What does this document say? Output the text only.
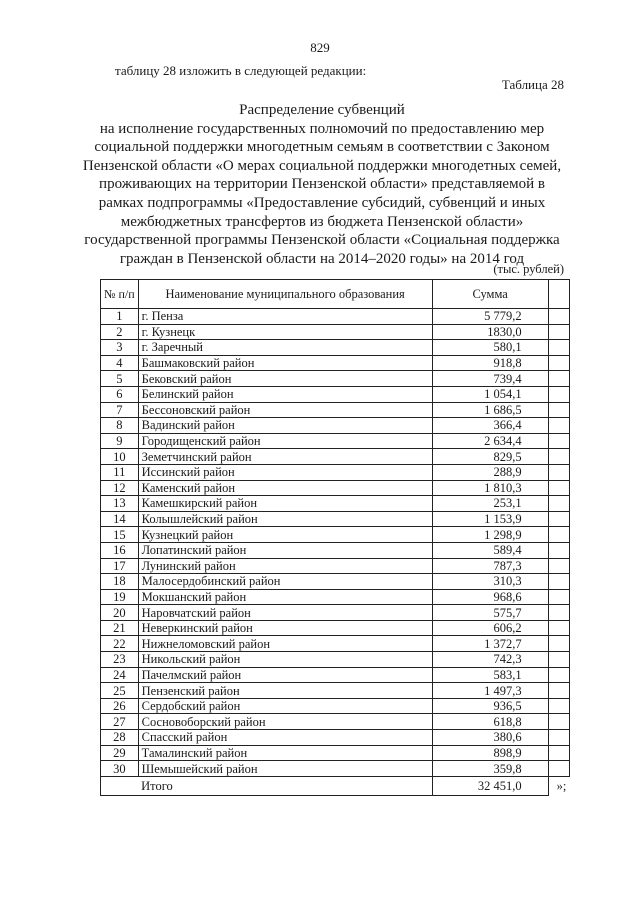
829
таблицу 28 изложить в следующей редакции:
Таблица 28
Распределение субвенций
на исполнение государственных полномочий по предоставлению мер
социальной поддержки многодетным семьям в соответствии с Законом
Пензенской области «О мерах социальной поддержки многодетных семей,
проживающих на территории Пензенской области» представляемой в
рамках подпрограммы «Предоставление субсидий, субвенций и иных
межбюджетных трансфертов из бюджета Пензенской области»
государственной программы Пензенской области «Социальная поддержка
граждан в Пензенской области на 2014–2020 годы» на 2014 год
(тыс. рублей)
№ п/п	Наименование муниципального образования	Сумма	
1	г. Пенза	5 779,2	
2	г. Кузнецк	1830,0	
3	г. Заречный	580,1	
4	Башмаковский район	918,8	
5	Бековский район	739,4	
6	Белинский район	1 054,1	
7	Бессоновский район	1 686,5	
8	Вадинский район	366,4	
9	Городищенский район	2 634,4	
10	Земетчинский район	829,5	
11	Иссинский район	288,9	
12	Каменский район	1 810,3	
13	Камешкирский район	253,1	
14	Колышлейский район	1 153,9	
15	Кузнецкий район	1 298,9	
16	Лопатинский район	589,4	
17	Лунинский район	787,3	
18	Малосердобинский район	310,3	
19	Мокшанский район	968,6	
20	Наровчатский район	575,7	
21	Неверкинский район	606,2	
22	Нижнеломовский район	1 372,7	
23	Никольский район	742,3	
24	Пачелмский район	583,1	
25	Пензенский район	1 497,3	
26	Сердобский район	936,5	
27	Сосновоборский район	618,8	
28	Спасский район	380,6	
29	Тамалинский район	898,9	
30	Шемышейский район	359,8	
	Итого	32 451,0	»;
